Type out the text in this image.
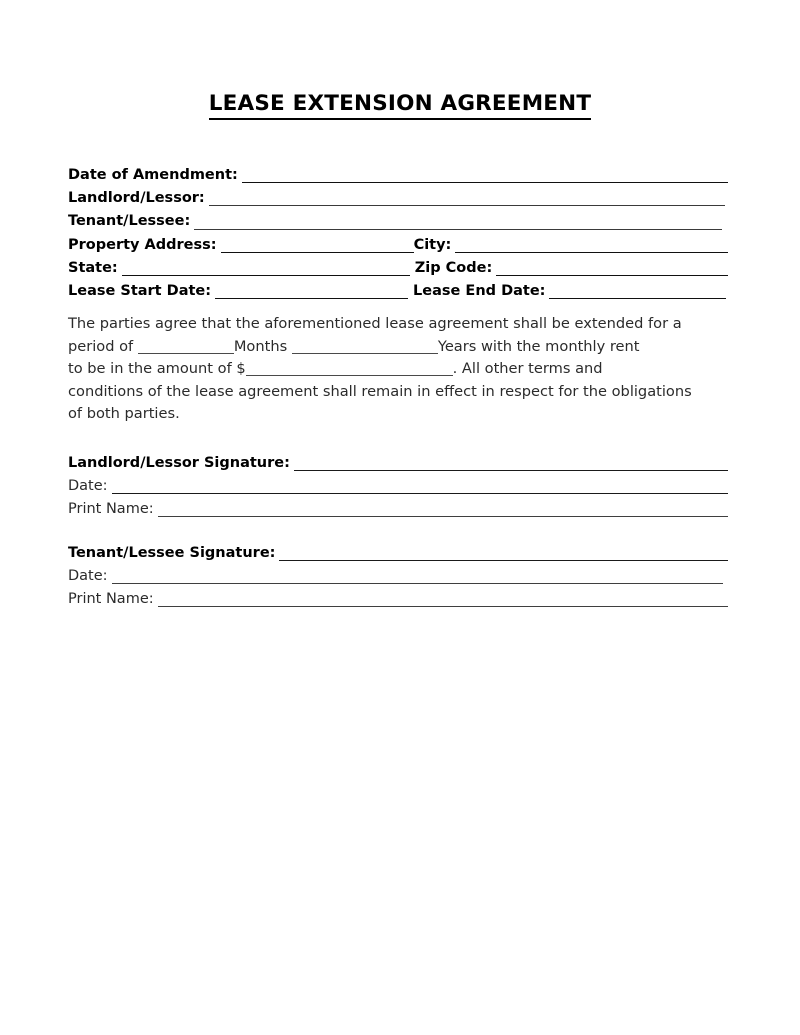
LEASE EXTENSION AGREEMENT
Date of Amendment:
Landlord/Lessor:
Tenant/Lessee:
Property Address:	City:
State:	Zip Code:
Lease Start Date:	Lease End Date:
The parties agree that the aforementioned lease agreement shall be extended for a
period of	Months	Years with the monthly rent
to be in the amount of $	. All other terms and
conditions of the lease agreement shall remain in effect in respect for the obligations
of both parties.
Landlord/Lessor Signature:
Date:
Print Name:
Tenant/Lessee Signature:
Date:
Print Name:
